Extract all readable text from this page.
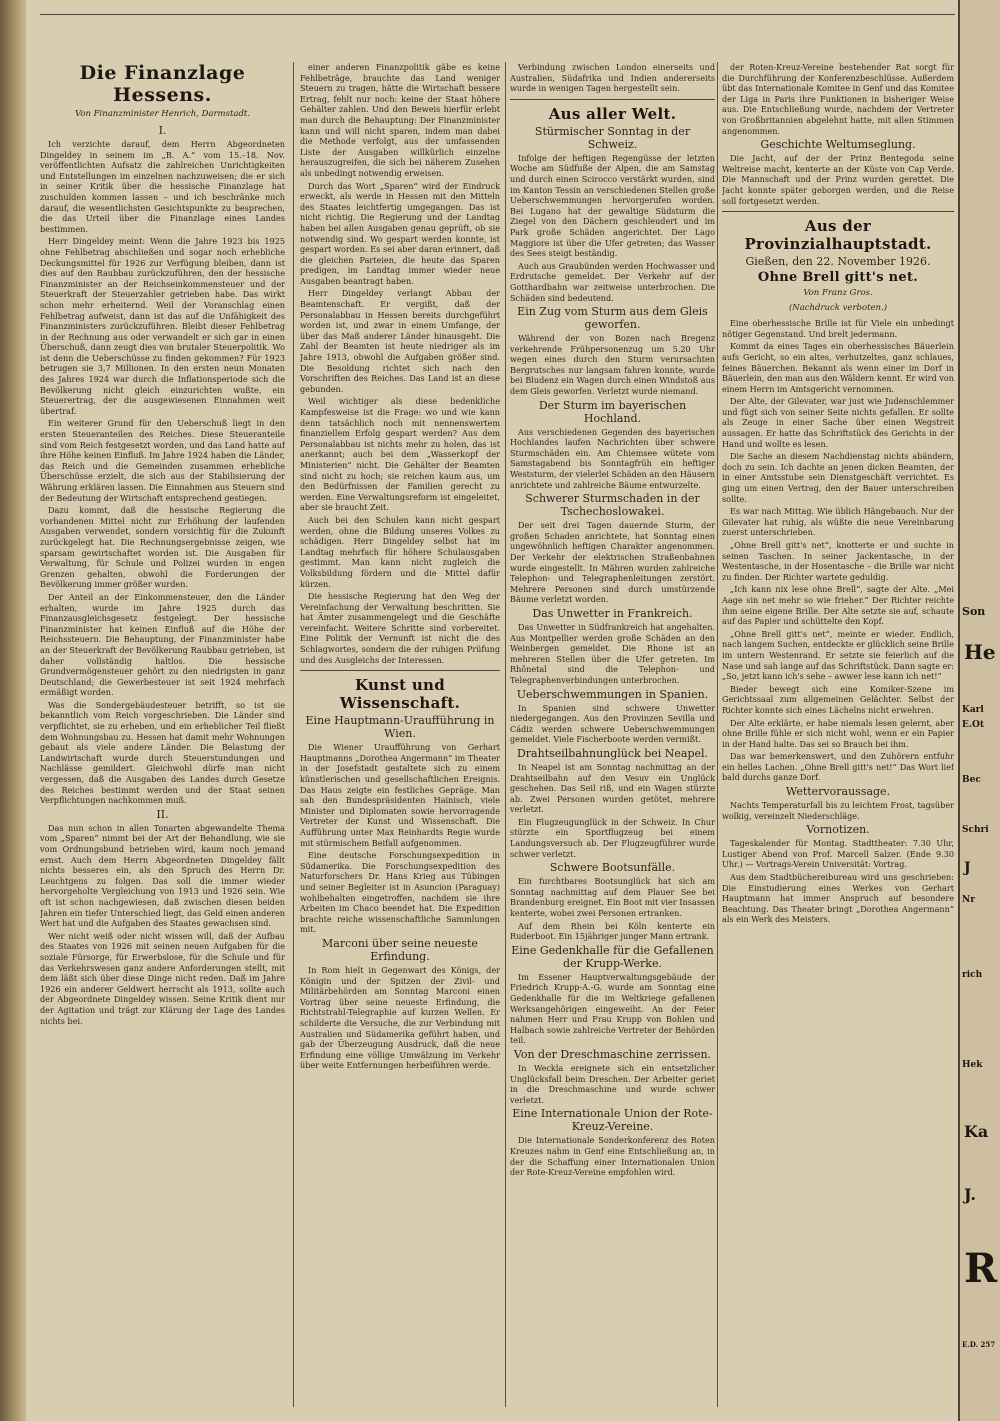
Die Finanzlage Hessens.
Von Finanzminister Henrich, Darmstadt.
I.

Ich verzichte darauf, dem Herrn Abgeordneten Dingeldey in seinem im „B. A.“ vom 15.–18. Nov. veröffentlichten Aufsatz die zahlreichen Unrichtigkeiten und Entstellungen im einzelnen nachzuweisen; die er sich in seiner Kritik über die hessische Finanzlage hat zuschulden kommen lassen – und ich beschränke mich darauf, die wesentlichsten Gesichtspunkte zu besprechen, die das Urteil über die Finanzlage eines Landes bestimmen.

Herr Dingeldey meint: Wenn die Jahre 1923 bis 1925 ohne Fehlbetrag abschließen und sogar noch erhebliche Deckungsmittel für 1926 zur Verfügung bleiben, dann ist dies auf den Raubbau zurückzuführen, den der hessische Finanzminister an der Reichseinkommensteuer und der Steuerkraft der Steuerzahler getrieben habe. Das wirkt schon mehr erheiternd. Weil der Voranschlag einen Fehlbetrag aufweist, dann ist das auf die Unfähigkeit des Finanzministers zurückzuführen. Bleibt dieser Fehlbetrag in der Rechnung aus oder verwandelt er sich gar in einen Überschuß, dann zeugt dies von brutaler Steuerpolitik. Wo ist denn die Ueberschüsse zu finden gekommen? Für 1923 betrugen sie 3,7 Millionen. In den ersten neun Monaten des Jahres 1924 war durch die Inflationsperiode sich die Bevölkerung nicht gleich einzurichten wußte, ein Steuerertrag, der die ausgewiesenen Einnahmen weit übertraf.

Ein weiterer Grund für den Ueberschuß liegt in den ersten Steueranteilen des Reiches. Diese Steueranteile sind vom Reich festgesetzt worden, und das Land hatte auf ihre Höhe keinen Einfluß. Im Jahre 1924 haben die Länder, das Reich und die Gemeinden zusammen erhebliche Überschüsse erzielt, die sich aus der Stabilisierung der Währung erklären lassen. Die Einnahmen aus Steuern sind der Bedeutung der Wirtschaft entsprechend gestiegen.

Dazu kommt, daß die hessische Regierung die vorhandenen Mittel nicht zur Erhöhung der laufenden Ausgaben verwendet, sondern vorsichtig für die Zukunft zurückgelegt hat. Die Rechnungsergebnisse zeigen, wie sparsam gewirtschaftet worden ist. Die Ausgaben für Verwaltung, für Schule und Polizei wurden in engen Grenzen gehalten, obwohl die Forderungen der Bevölkerung immer größer wurden.

Der Anteil an der Einkommensteuer, den die Länder erhalten, wurde im Jahre 1925 durch das Finanzausgleichsgesetz festgelegt. Der hessische Finanzminister hat keinen Einfluß auf die Höhe der Reichssteuern. Die Behauptung, der Finanzminister habe an der Steuerkraft der Bevölkerung Raubbau getrieben, ist daher vollständig haltlos. Die hessische Grundvermögensteuer gehört zu den niedrigsten in ganz Deutschland; die Gewerbesteuer ist seit 1924 mehrfach ermäßigt worden.

Was die Sondergebäudesteuer betrifft, so ist sie bekanntlich vom Reich vorgeschrieben. Die Länder sind verpflichtet, sie zu erheben, und ein erheblicher Teil fließt dem Wohnungsbau zu. Hessen hat damit mehr Wohnungen gebaut als viele andere Länder. Die Belastung der Landwirtschaft wurde durch Steuerstundungen und Nachlässe gemildert. Gleichwohl dürfe man nicht vergessen, daß die Ausgaben des Landes durch Gesetze des Reiches bestimmt werden und der Staat seinen Verpflichtungen nachkommen muß.

II.

Das nun schon in allen Tonarten abgewandelte Thema vom „Sparen“ nimmt bei der Art der Behandlung, wie sie vom Ordnungsbund betrieben wird, kaum noch jemand ernst. Auch dem Herrn Abgeordneten Dingeldey fällt nichts besseres ein, als den Spruch des Herrn Dr. Leuchtgens zu folgen. Das soll die immer wieder hervorgeholte Vergleichung von 1913 und 1926 sein. Wie oft ist schon nachgewiesen, daß zwischen diesen beiden Jahren ein tiefer Unterschied liegt, das Geld einen anderen Wert hat und die Aufgaben des Staates gewachsen sind.

Wer nicht weiß oder nicht wissen will, daß der Aufbau des Staates von 1926 mit seinen neuen Aufgaben für die soziale Fürsorge, für Erwerbslose, für die Schule und für das Verkehrswesen ganz andere Anforderungen stellt, mit dem läßt sich über diese Dinge nicht reden. Daß im Jahre 1926 ein anderer Geldwert herrscht als 1913, sollte auch der Abgeordnete Dingeldey wissen. Seine Kritik dient nur der Agitation und trägt zur Klärung der Lage des Landes nichts bei.

einer anderen Finanzpolitik gäbe es keine Fehlbeträge, brauchte das Land weniger Steuern zu tragen, hätte die Wirtschaft bessere Ertrag, fehlt nur noch: keine der Staat höhere Gehälter zahlen. Und den Beweis hierfür erlebt man durch die Behauptung: Der Finanzminister kann und will nicht sparen, indem man dabei die Methode verfolgt, aus der umfassenden Liste der Ausgaben willkürlich einzelne herauszugreifen, die sich bei näherem Zusehen als unbedingt notwendig erweisen.

Durch das Wort „Sparen“ wird der Eindruck erweckt, als werde in Hessen mit den Mitteln des Staates leichtfertig umgegangen. Das ist nicht richtig. Die Regierung und der Landtag haben bei allen Ausgaben genau geprüft, ob sie notwendig sind. Wo gespart werden konnte, ist gespart worden. Es sei aber daran erinnert, daß die gleichen Parteien, die heute das Sparen predigen, im Landtag immer wieder neue Ausgaben beantragt haben.

Herr Dingeldey verlangt Abbau der Beamtenschaft. Er vergißt, daß der Personalabbau in Hessen bereits durchgeführt worden ist, und zwar in einem Umfange, der über das Maß anderer Länder hinausgeht. Die Zahl der Beamten ist heute niedriger als im Jahre 1913, obwohl die Aufgaben größer sind. Die Besoldung richtet sich nach den Vorschriften des Reiches. Das Land ist an diese gebunden.

Weil wichtiger als diese bedenkliche Kampfesweise ist die Frage: wo und wie kann denn tatsächlich noch mit nennenswertem finanziellem Erfolg gespart werden? Aus dem Personalabbau ist nichts mehr zu holen, das ist anerkannt; auch bei dem „Wasserkopf der Ministerien“ nicht. Die Gehälter der Beamten sind nicht zu hoch; sie reichen kaum aus, um den Bedürfnissen der Familien gerecht zu werden. Eine Verwaltungsreform ist eingeleitet, aber sie braucht Zeit.

Auch bei den Schulen kann nicht gespart werden, ohne die Bildung unseres Volkes zu schädigen. Herr Dingeldey selbst hat im Landtag mehrfach für höhere Schulausgaben gestimmt. Man kann nicht zugleich die Volksbildung fördern und die Mittel dafür kürzen.

Die hessische Regierung hat den Weg der Vereinfachung der Verwaltung beschritten. Sie hat Ämter zusammengelegt und die Geschäfte vereinfacht. Weitere Schritte sind vorbereitet. Eine Politik der Vernunft ist nicht die des Schlagwortes, sondern die der ruhigen Prüfung und des Ausgleichs der Interessen.

Kunst und Wissenschaft.
Eine Hauptmann-Uraufführung in Wien.

Die Wiener Uraufführung von Gerhart Hauptmanns „Dorothea Angermann“ im Theater in der Josefstadt gestaltete sich zu einem künstlerischen und gesellschaftlichen Ereignis. Das Haus zeigte ein festliches Gepräge. Man sah den Bundespräsidenten Hainisch, viele Minister und Diplomaten sowie hervorragende Vertreter der Kunst und Wissenschaft. Die Aufführung unter Max Reinhardts Regie wurde mit stürmischem Beifall aufgenommen.

Eine deutsche Forschungsexpedition in Südamerika. Die Forschungsexpedition des Naturforschers Dr. Hans Krieg aus Tübingen und seiner Begleiter ist in Asuncion (Paraguay) wohlbehalten eingetroffen, nachdem sie ihre Arbeiten im Chaco beendet hat. Die Expedition brachte reiche wissenschaftliche Sammlungen mit.

Marconi über seine neueste Erfindung.

In Rom hielt in Gegenwart des Königs, der Königin und der Spitzen der Zivil- und Militärbehörden am Sonntag Marconi einen Vortrag über seine neueste Erfindung, die Richtstrahl-Telegraphie auf kurzen Wellen. Er schilderte die Versuche, die zur Verbindung mit Australien und Südamerika geführt haben, und gab der Überzeugung Ausdruck, daß die neue Erfindung eine völlige Umwälzung im Verkehr über weite Entfernungen herbeiführen werde.

Verbindung zwischen London einerseits und Australien, Südafrika und Indien andererseits wurde in wenigen Tagen hergestellt sein.

Aus aller Welt.
Stürmischer Sonntag in der Schweiz.

Infolge der heftigen Regengüsse der letzten Woche am Südfuße der Alpen, die am Samstag und durch einen Scirocco verstärkt wurden, sind im Kanton Tessin an verschiedenen Stellen große Ueberschwemmungen hervorgerufen worden. Bei Lugano hat der gewaltige Südsturm die Ziegel von den Dächern geschleudert und im Park große Schäden angerichtet. Der Lago Maggiore ist über die Ufer getreten; das Wasser des Sees steigt beständig.

Auch aus Graubünden werden Hochwasser und Erdrutsche gemeldet. Der Verkehr auf der Gotthardbahn war zeitweise unterbrochen. Die Schäden sind bedeutend.

Ein Zug vom Sturm aus dem Gleis geworfen.

Während der von Bozen nach Bregenz verkehrende Frühpersonenzug um 5.20 Uhr wegen eines durch den Sturm verursachten Bergrutsches nur langsam fahren konnte, wurde bei Bludenz ein Wagen durch einen Windstoß aus dem Gleis geworfen. Verletzt wurde niemand.

Der Sturm im bayerischen Hochland.

Aus verschiedenen Gegenden des bayerischen Hochlandes laufen Nachrichten über schwere Sturmschäden ein. Am Chiemsee wütete vom Samstagabend bis Sonntagfrüh ein heftiger Weststurm, der vielerlei Schäden an den Häusern anrichtete und zahlreiche Bäume entwurzelte.

Schwerer Sturmschaden in der Tschechoslowakei.

Der seit drei Tagen dauernde Sturm, der großen Schaden anrichtete, hat Sonntag einen ungewöhnlich heftigen Charakter angenommen. Der Verkehr der elektrischen Straßenbahnen wurde eingestellt. In Mähren wurden zahlreiche Telephon- und Telegraphenleitungen zerstört. Mehrere Personen sind durch umstürzende Bäume verletzt worden.

Das Unwetter in Frankreich.

Das Unwetter in Südfrankreich hat angehalten. Aus Montpellier werden große Schäden an den Weinbergen gemeldet. Die Rhone ist an mehreren Stellen über die Ufer getreten. Im Rhônetal sind die Telephon- und Telegraphenverbindungen unterbrochen.

Ueberschwemmungen in Spanien.

In Spanien sind schwere Unwetter niedergegangen. Aus den Provinzen Sevilla und Cádiz werden schwere Ueberschwemmungen gemeldet. Viele Fischerboote werden vermißt.

Drahtseilbahnunglück bei Neapel.

In Neapel ist am Sonntag nachmittag an der Drahtseilbahn auf den Vesuv ein Unglück geschehen. Das Seil riß, und ein Wagen stürzte ab. Zwei Personen wurden getötet, mehrere verletzt.

Ein Flugzeugunglück in der Schweiz. In Chur stürzte ein Sportflugzeug bei einem Landungsversuch ab. Der Flugzeugführer wurde schwer verletzt.

Schwere Bootsunfälle.

Ein furchtbares Bootsunglück hat sich am Sonntag nachmittag auf dem Plauer See bei Brandenburg ereignet. Ein Boot mit vier Insassen kenterte, wobei zwei Personen ertranken.

Auf dem Rhein bei Köln kenterte ein Ruderboot. Ein 15jähriger junger Mann ertrank.

Eine Gedenkhalle für die Gefallenen der Krupp-Werke.

Im Essener Hauptverwaltungsgebäude der Friedrich Krupp-A.-G. wurde am Sonntag eine Gedenkhalle für die im Weltkriege gefallenen Werksangehörigen eingeweiht. An der Feier nahmen Herr und Frau Krupp von Bohlen und Halbach sowie zahlreiche Vertreter der Behörden teil.

Von der Dreschmaschine zerrissen.

In Weckla ereignete sich ein entsetzlicher Unglücksfall beim Dreschen. Der Arbeiter geriet in die Dreschmaschine und wurde schwer verletzt.

Eine Internationale Union der Rote-Kreuz-Vereine.

Die Internationale Sonderkonferenz des Roten Kreuzes nahm in Genf eine Entschließung an, in der die Schaffung einer Internationalen Union der Rote-Kreuz-Vereine empfohlen wird.

der Roten-Kreuz-Vereine bestehender Rat sorgt für die Durchführung der Konferenzbeschlüsse. Außerdem übt das Internationale Komitee in Genf und das Komitee der Liga in Paris ihre Funktionen in bisheriger Weise aus. Die Entschließung wurde, nachdem der Vertreter von Großbritannien abgelehnt hatte, mit allen Stimmen angenommen.

Geschichte Weltumseglung.

Die Jacht, auf der der Prinz Bentegoda seine Weltreise macht, kenterte an der Küste von Cap Verde. Die Mannschaft und der Prinz wurden gerettet. Die Jacht konnte später geborgen werden, und die Reise soll fortgesetzt werden.

Aus der Provinzialhauptstadt.
Gießen, den 22. November 1926.
Ohne Brell gitt's net.
Von Franz Gros.
(Nachdruck verboten.)

Eine oberhessische Brille ist für Viele ein unbedingt nötiger Gegenstand. Und brelt jedermann.

Kommt da eines Tages ein oberhessisches Bäuerlein aufs Gericht, so ein altes, verhutzeltes, ganz schlaues, feines Bäuerchen. Bekannt als wenn einer im Dorf in Bäuerlein, den man aus den Wäldern kennt. Er wird von einem Herrn im Amtsgericht vernommen.

Der Alte, der Gilevater, war just wie Judenschlemmer und fügt sich von seiner Seite nichts gefallen. Er sollte als Zeuge in einer Sache über einen Wegstreit aussagen. Er hatte das Schriftstück des Gerichts in der Hand und wollte es lesen.

Die Sache an diesem Nachdienstag nichts abändern, doch zu sein. Ich dachte an jenen dicken Beamten, der in einer Amtsstube sein Dienstgeschäft verrichtet. Es ging um einen Vertrag, den der Bauer unterschreiben sollte.

Es war nach Mittag. Wie üblich Hängebauch. Nur der Gilevater hat ruhig, als wüßte die neue Vereinbarung zuerst unterschrieben.

„Ohne Brell gitt's net“, knotterte er und suchte in seinen Taschen. In seiner Jackentasche, in der Westentasche, in der Hosentasche – die Brille war nicht zu finden. Der Richter wartete geduldig.

„Ich kann nix lese ohne Brell“, sagte der Alte. „Mei Aage sin net mehr so wie frieher.“ Der Richter reichte ihm seine eigene Brille. Der Alte setzte sie auf, schaute auf das Papier und schüttelte den Kopf.

„Ohne Brell gitt's net“, meinte er wieder. Endlich, nach langem Suchen, entdeckte er glücklich seine Brille im untern Westenrand. Er setzte sie feierlich auf die Nase und sah lange auf das Schriftstück. Dann sagte er: „So, jetzt kann ich's sehe – awwer lese kann ich net!“

Bieder bewegt sich eine Komiker-Szene im Gerichtssaal zum allgemeinen Gelächter. Selbst der Richter konnte sich eines Lächelns nicht erwehren.

Der Alte erklärte, er habe niemals lesen gelernt, aber ohne Brille fühle er sich nicht wohl, wenn er ein Papier in der Hand halte. Das sei so Brauch bei ihm.

Das war bemerkenswert, und den Zuhörern entfuhr ein helles Lachen. „Ohne Brell gitt's net!“ Das Wort lief bald durchs ganze Dorf.

Wettervoraussage.

Nachts Temperaturfall bis zu leichtem Frost, tagsüber wolkig, vereinzelt Niederschläge.

Vornotizen.

Tageskalender für Montag. Stadttheater: 7.30 Uhr, Lustiger Abend von Prof. Marcell Salzer. (Ende 9.30 Uhr.) — Vortrags-Verein Universität: Vortrag.

Aus dem Stadtbüchereibureau wird uns geschrieben: Die Einstudierung eines Werkes von Gerhart Hauptmann hat immer Anspruch auf besondere Beachtung. Das Theater bringt „Dorothea Angermann“ als ein Werk des Meisters.

Son
He
Karl
E.Ot
Bec
Schri
J
Nr
rich
Hek
Ka
J.
R
E.D. 257
